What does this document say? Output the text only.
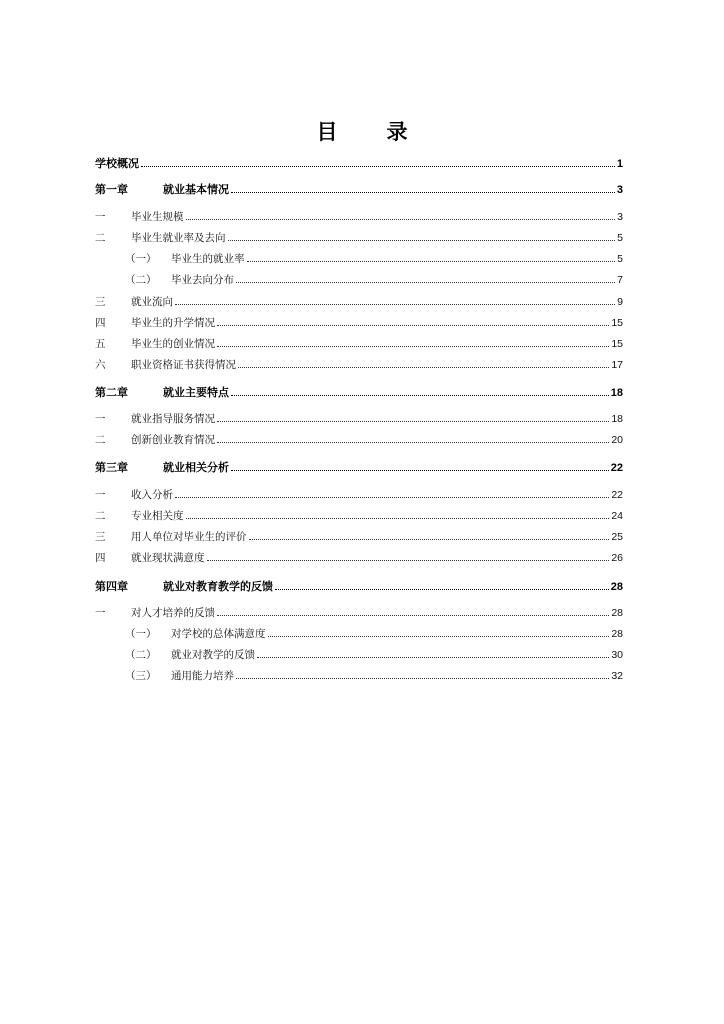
目　录
学校概况	1
第一章	就业基本情况	3
一	毕业生规模	3
二	毕业生就业率及去向	5
（一）	毕业生的就业率	5
（二）	毕业去向分布	7
三	就业流向	9
四	毕业生的升学情况	15
五	毕业生的创业情况	15
六	职业资格证书获得情况	17
第二章	就业主要特点	18
一	就业指导服务情况	18
二	创新创业教育情况	20
第三章	就业相关分析	22
一	收入分析	22
二	专业相关度	24
三	用人单位对毕业生的评价	25
四	就业现状满意度	26
第四章	就业对教育教学的反馈	28
一	对人才培养的反馈	28
（一）	对学校的总体满意度	28
（二）	就业对教学的反馈	30
（三）	通用能力培养	32
